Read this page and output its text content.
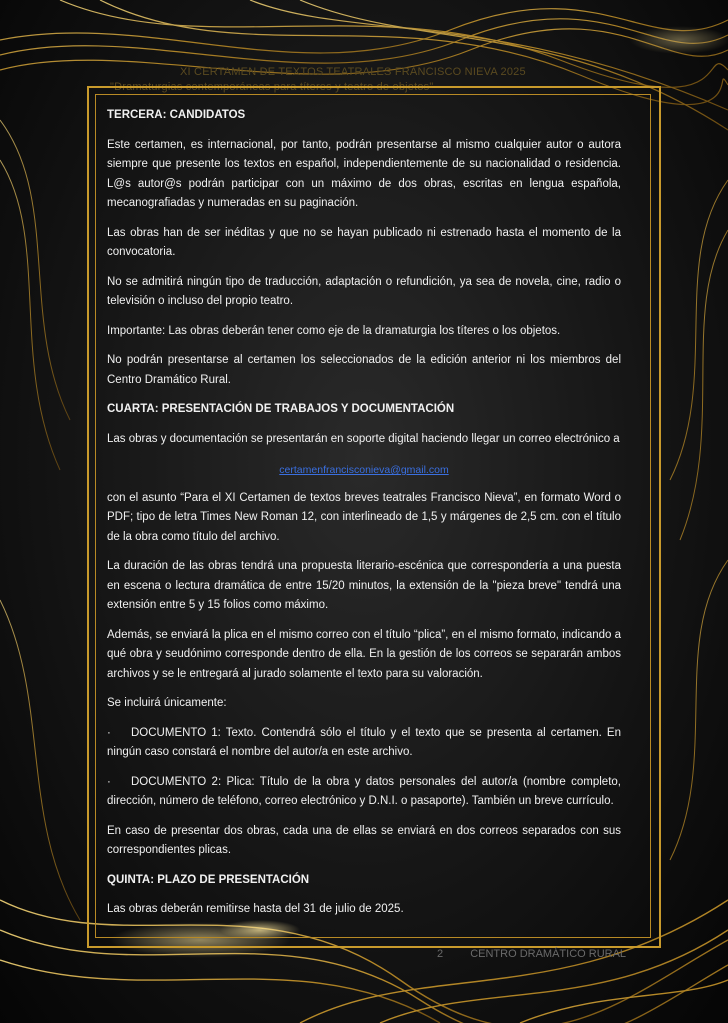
XI CERTAMEN DE TEXTOS TEATRALES FRANCISCO NIEVA 2025
"Dramaturgias contemporáneas para títeres y teatro de objetos"
TERCERA: CANDIDATOS

Este certamen, es internacional, por tanto, podrán presentarse al mismo cualquier autor o autora siempre que presente los textos en español, independientemente de su nacionalidad o residencia. L@s autor@s podrán participar con un máximo de dos obras, escritas en lengua española, mecanografiadas y numeradas en su paginación.

Las obras han de ser inéditas y que no se hayan publicado ni estrenado hasta el momento de la convocatoria.

No se admitirá ningún tipo de traducción, adaptación o refundición, ya sea de novela, cine, radio o televisión o incluso del propio teatro.

Importante: Las obras deberán tener como eje de la dramaturgia los títeres o los objetos.

No podrán presentarse al certamen los seleccionados de la edición anterior ni los miembros del Centro Dramático Rural.

CUARTA: PRESENTACIÓN DE TRABAJOS Y DOCUMENTACIÓN

Las obras y documentación se presentarán en soporte digital haciendo llegar un correo electrónico a

certamenfrancisconieva@gmail.com

con el asunto “Para el XI Certamen de textos breves teatrales Francisco Nieva”, en formato Word o PDF; tipo de letra Times New Roman 12, con interlineado de 1,5 y márgenes de 2,5 cm. con el título de la obra como título del archivo.

La duración de las obras tendrá una propuesta literario-escénica que correspondería a una puesta en escena o lectura dramática de entre 15/20 minutos, la extensión de la "pieza breve" tendrá una extensión entre 5 y 15 folios como máximo.

Además, se enviará la plica en el mismo correo con el título “plica”, en el mismo formato, indicando a qué obra y seudónimo corresponde dentro de ella. En la gestión de los correos se separarán ambos archivos y se le entregará al jurado solamente el texto para su valoración.

Se incluirá únicamente:

· DOCUMENTO 1: Texto. Contendrá sólo el título y el texto que se presenta al certamen. En ningún caso constará el nombre del autor/a en este archivo.

· DOCUMENTO 2: Plica: Título de la obra y datos personales del autor/a (nombre completo, dirección, número de teléfono, correo electrónico y D.N.I. o pasaporte). También un breve currículo.

En caso de presentar dos obras, cada una de ellas se enviará en dos correos separados con sus correspondientes plicas.

QUINTA: PLAZO DE PRESENTACIÓN

Las obras deberán remitirse hasta del 31 de julio de 2025.

2 CENTRO DRAMÁTICO RURAL
